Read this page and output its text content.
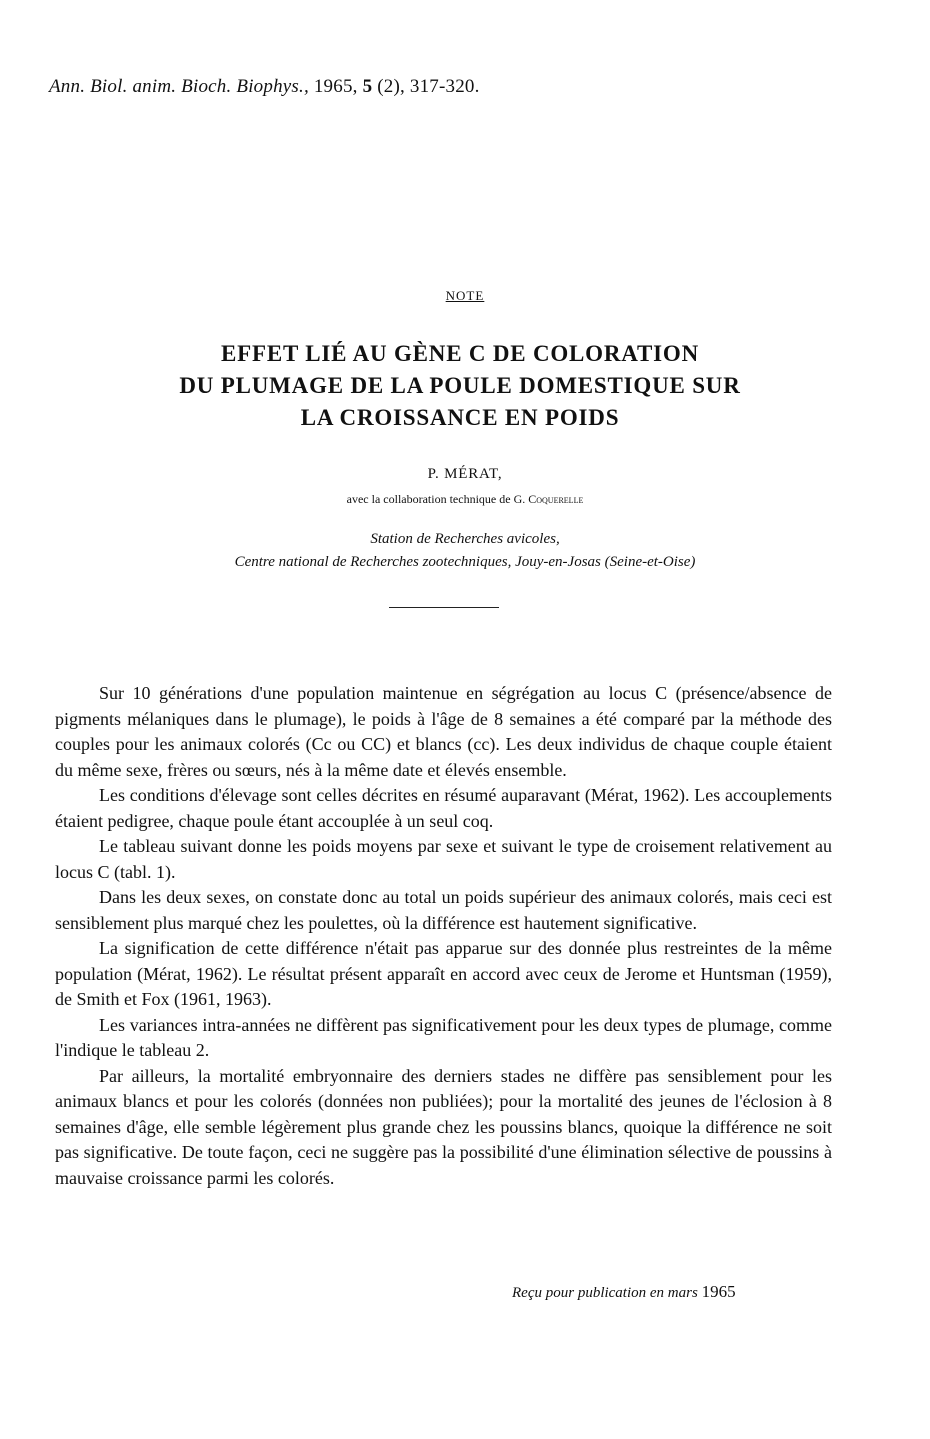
Ann. Biol. anim. Bioch. Biophys., 1965, 5 (2), 317-320.
NOTE
EFFET LIÉ AU GÈNE C DE COLORATION
DU PLUMAGE DE LA POULE DOMESTIQUE SUR
LA CROISSANCE EN POIDS
P. MÉRAT,
avec la collaboration technique de G. Coquerelle
Station de Recherches avicoles,
Centre national de Recherches zootechniques, Jouy-en-Josas (Seine-et-Oise)

Sur 10 générations d'une population maintenue en ségrégation au locus C (présence/absence de pigments mélaniques dans le plumage), le poids à l'âge de 8 semaines a été comparé par la méthode des couples pour les animaux colorés (Cc ou CC) et blancs (cc). Les deux individus de chaque couple étaient du même sexe, frères ou sœurs, nés à la même date et élevés ensemble.

Les conditions d'élevage sont celles décrites en résumé auparavant (Mérat, 1962). Les accouplements étaient pedigree, chaque poule étant accouplée à un seul coq.

Le tableau suivant donne les poids moyens par sexe et suivant le type de croisement relativement au locus C (tabl. 1).

Dans les deux sexes, on constate donc au total un poids supérieur des animaux colorés, mais ceci est sensiblement plus marqué chez les poulettes, où la différence est hautement significative.

La signification de cette différence n'était pas apparue sur des donnée plus restreintes de la même population (Mérat, 1962). Le résultat présent apparaît en accord avec ceux de Jerome et Huntsman (1959), de Smith et Fox (1961, 1963).

Les variances intra-années ne diffèrent pas significativement pour les deux types de plumage, comme l'indique le tableau 2.

Par ailleurs, la mortalité embryonnaire des derniers stades ne diffère pas sensiblement pour les animaux blancs et pour les colorés (données non publiées); pour la mortalité des jeunes de l'éclosion à 8 semaines d'âge, elle semble légèrement plus grande chez les poussins blancs, quoique la différence ne soit pas significative. De toute façon, ceci ne suggère pas la possibilité d'une élimination sélective de poussins à mauvaise croissance parmi les colorés.

Reçu pour publication en mars 1965
